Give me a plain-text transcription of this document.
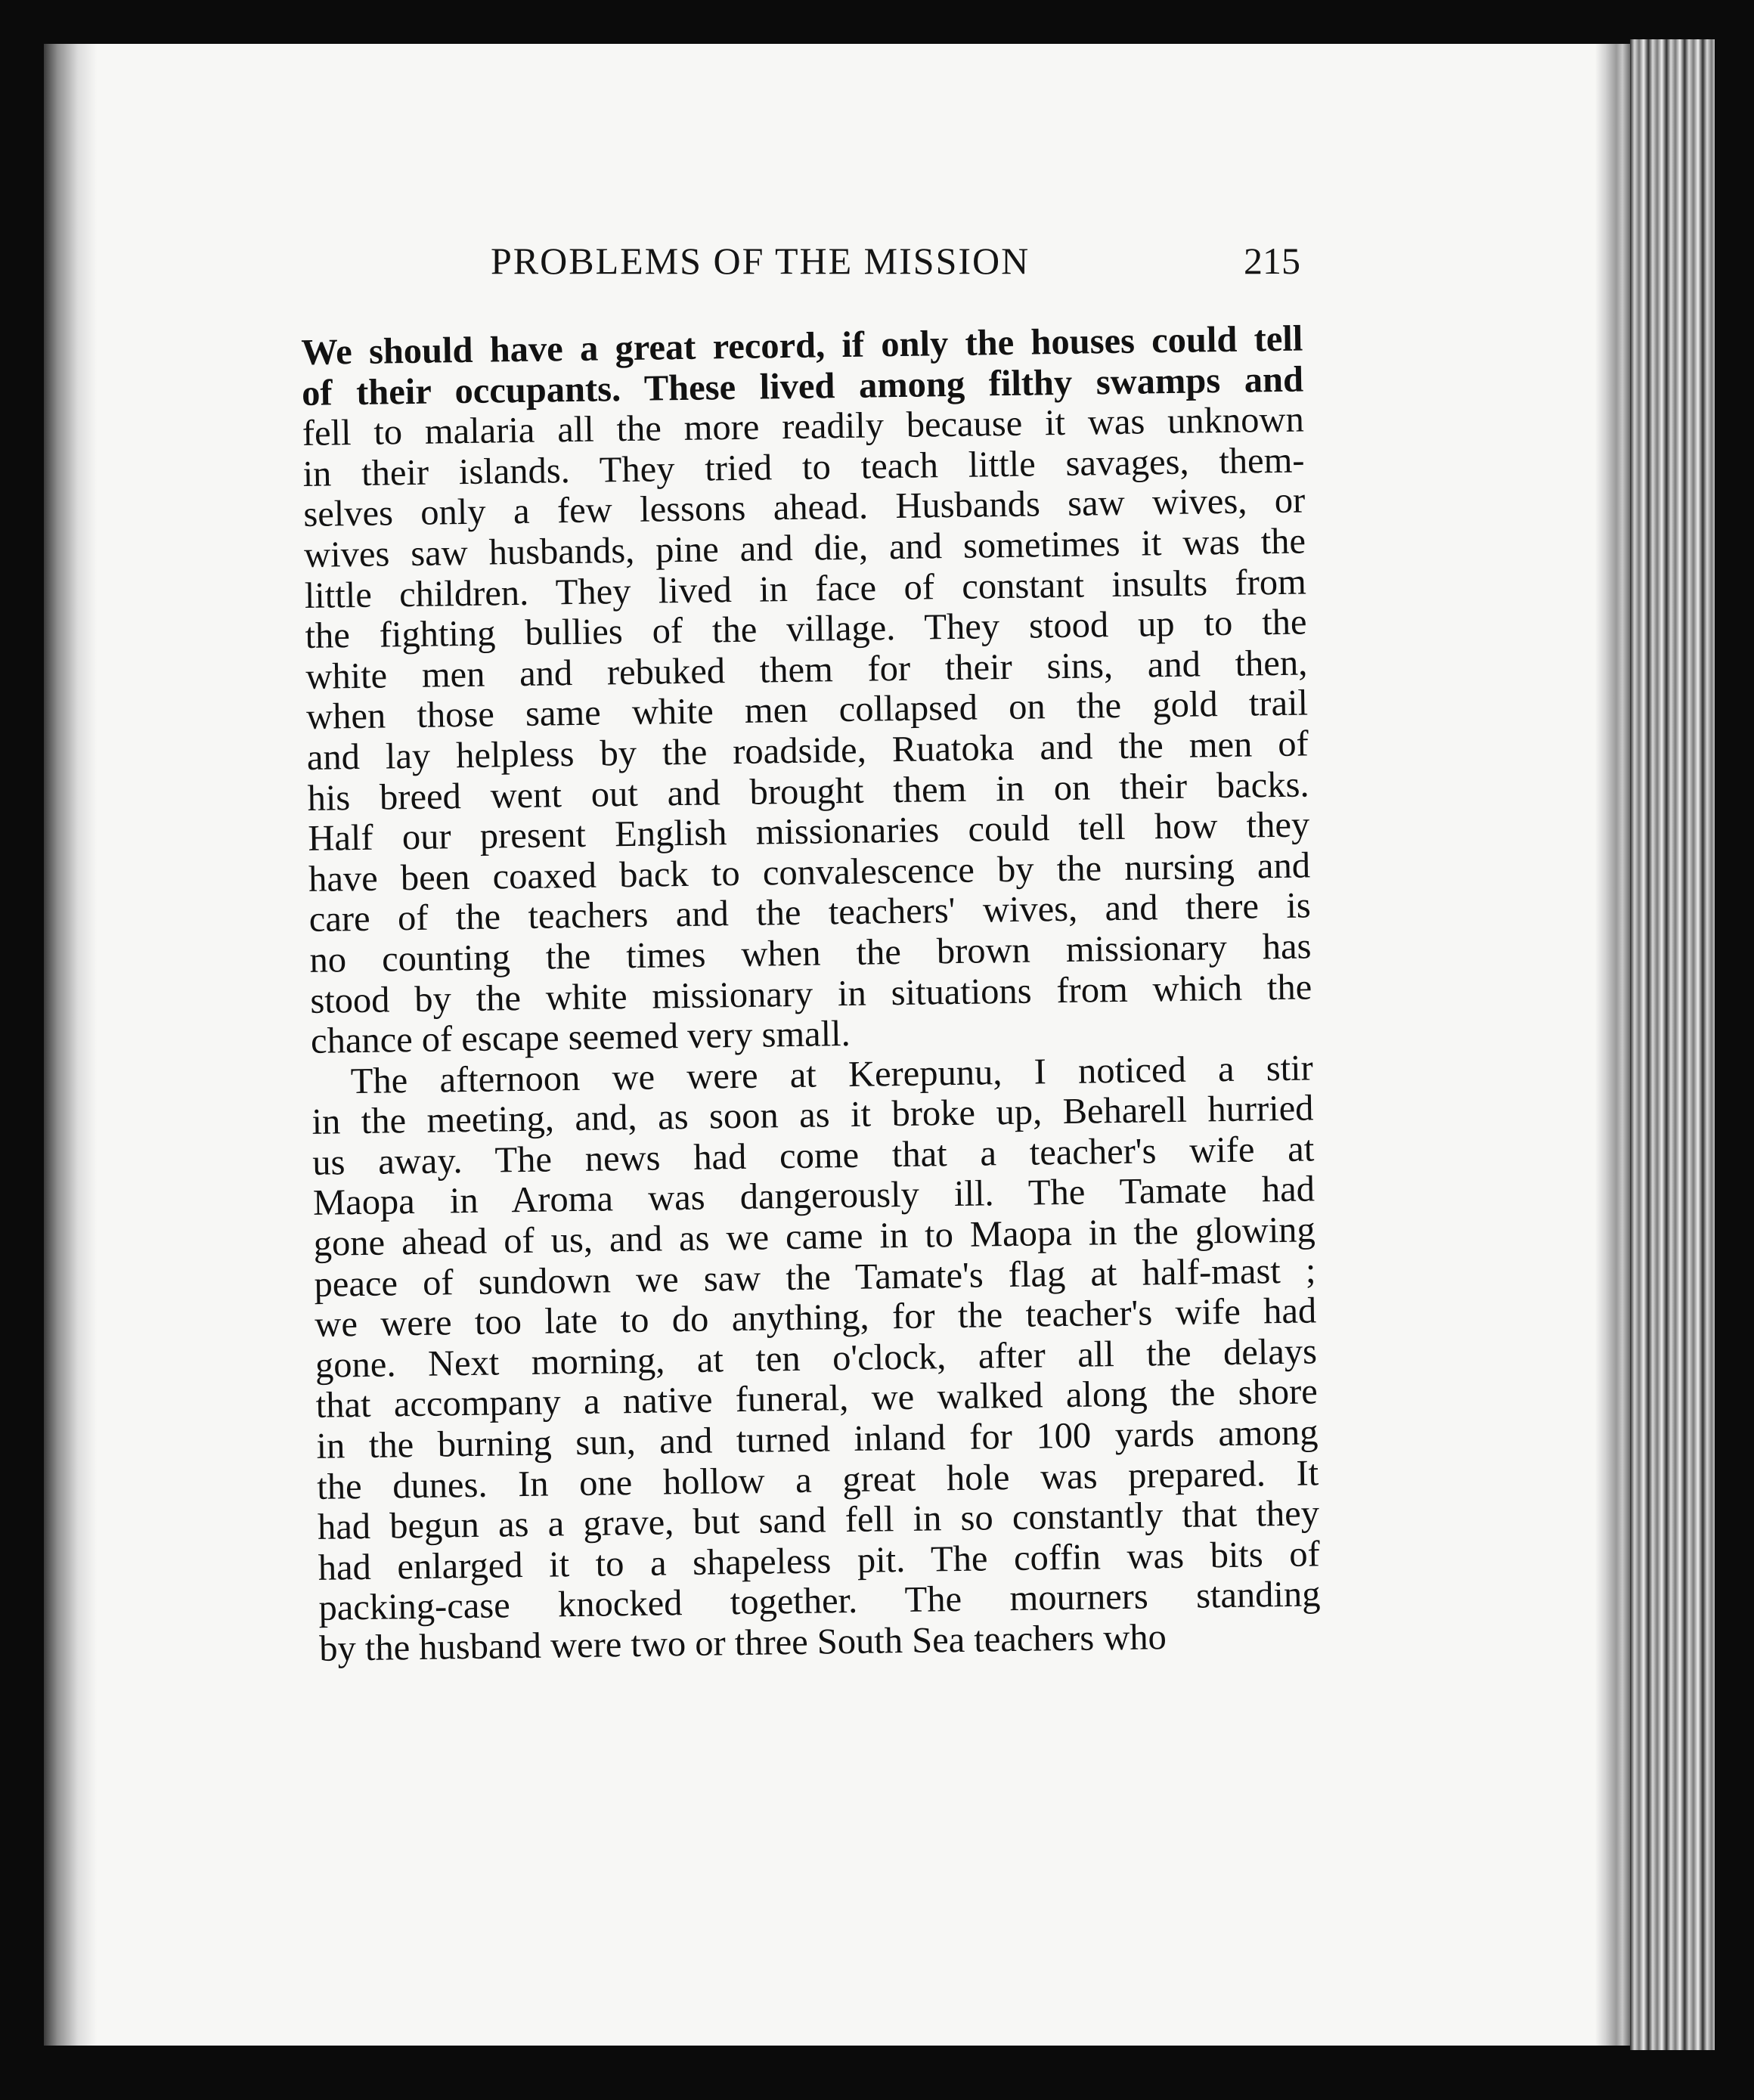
PROBLEMS OF THE MISSION	215
We should have a great record, if only the houses could tell
of their occupants. These lived among filthy swamps and
fell to malaria all the more readily because it was unknown
in their islands. They tried to teach little savages, them-
selves only a few lessons ahead. Husbands saw wives, or
wives saw husbands, pine and die, and sometimes it was the
little children. They lived in face of constant insults from
the fighting bullies of the village. They stood up to the
white men and rebuked them for their sins, and then,
when those same white men collapsed on the gold trail
and lay helpless by the roadside, Ruatoka and the men of
his breed went out and brought them in on their backs.
Half our present English missionaries could tell how they
have been coaxed back to convalescence by the nursing and
care of the teachers and the teachers' wives, and there is
no counting the times when the brown missionary has
stood by the white missionary in situations from which the
chance of escape seemed very small.
The afternoon we were at Kerepunu, I noticed a stir
in the meeting, and, as soon as it broke up, Beharell hurried
us away. The news had come that a teacher's wife at
Maopa in Aroma was dangerously ill. The Tamate had
gone ahead of us, and as we came in to Maopa in the glowing
peace of sundown we saw the Tamate's flag at half-mast ;
we were too late to do anything, for the teacher's wife had
gone. Next morning, at ten o'clock, after all the delays
that accompany a native funeral, we walked along the shore
in the burning sun, and turned inland for 100 yards among
the dunes. In one hollow a great hole was prepared. It
had begun as a grave, but sand fell in so constantly that they
had enlarged it to a shapeless pit. The coffin was bits of
packing-case knocked together. The mourners standing
by the husband were two or three South Sea teachers who
